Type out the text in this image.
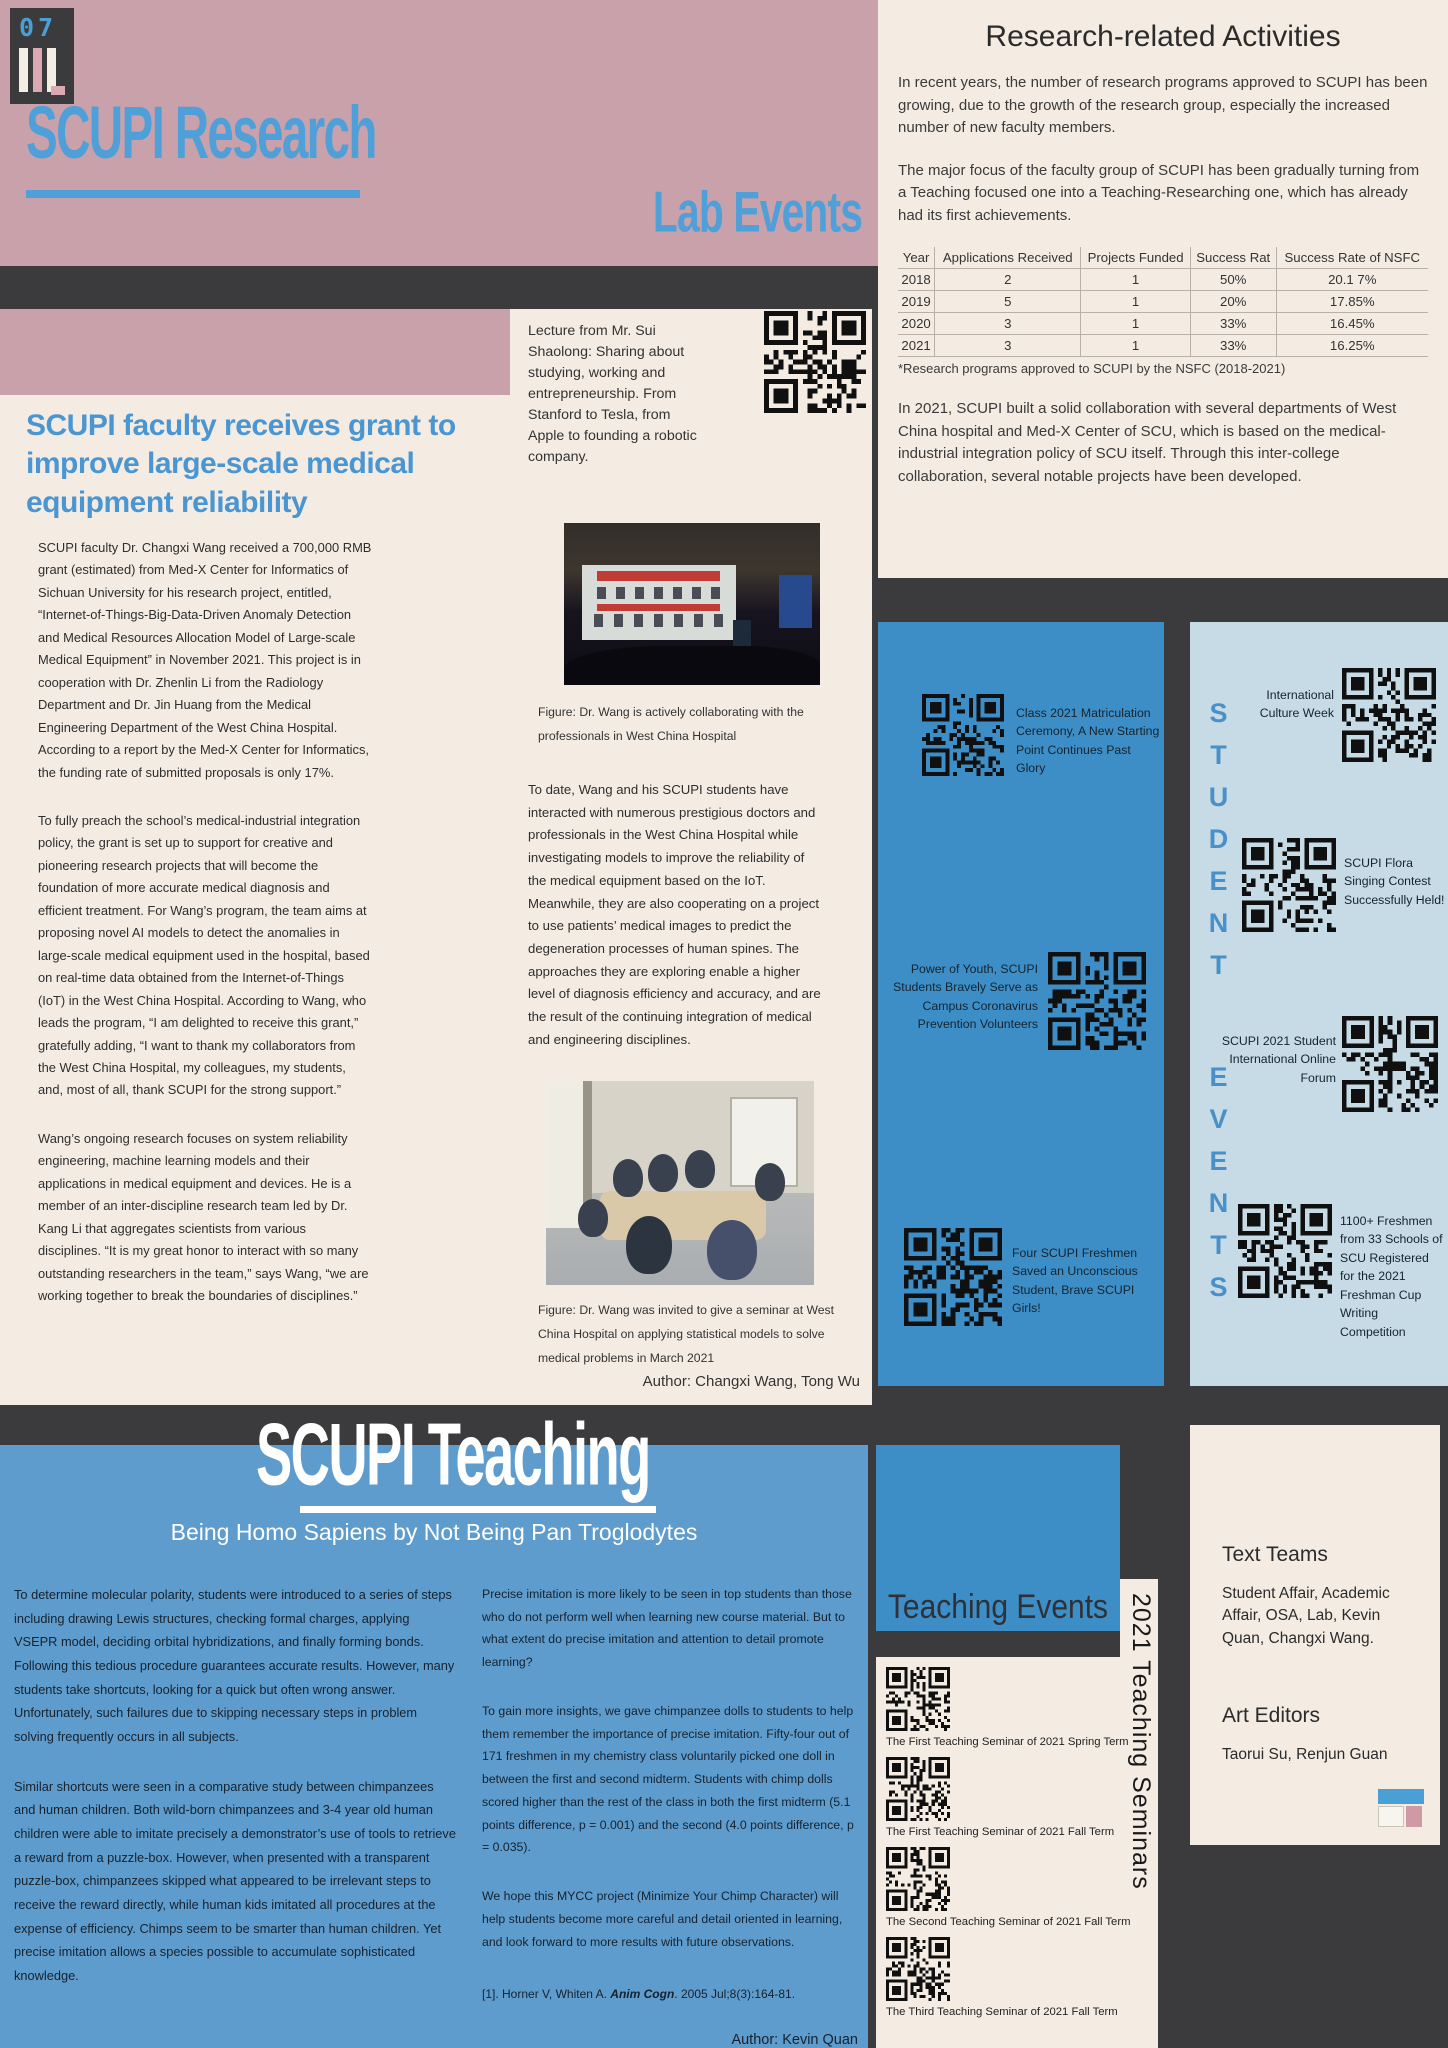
07
SCUPI Research
Lab Events
Research-related Activities

In recent years, the number of research programs approved to SCUPI has been growing, due to the growth of the research group, especially the increased number of new faculty members.

The major focus of the faculty group of SCUPI has been gradually turning from a Teaching focused one into a Teaching-Researching one, which has already had its first achievements.

Year	Applications Received	Projects Funded	Success Rat	Success Rate of NSFC
2018	2	1	50%	20.1 7%
2019	5	1	20%	17.85%
2020	3	1	33%	16.45%
2021	3	1	33%	16.25%
*Research programs approved to SCUPI by the NSFC (2018-2021)

In 2021, SCUPI built a solid collaboration with several departments of West China hospital and Med-X Center of SCU, which is based on the medical-industrial integration policy of SCU itself. Through this inter-college collaboration, several notable projects have been developed.

Lecture from Mr. Sui Shaolong: Sharing about studying, working and entrepreneurship. From Stanford to Tesla, from Apple to founding a robotic company.
SCUPI faculty receives grant to improve large-scale medical equipment reliability

SCUPI faculty Dr. Changxi Wang received a 700,000 RMB grant (estimated) from Med-X Center for Informatics of Sichuan University for his research project, entitled, “Internet-of-Things-Big-Data-Driven Anomaly Detection and Medical Resources Allocation Model of Large-scale Medical Equipment” in November 2021. This project is in cooperation with Dr. Zhenlin Li from the Radiology Department and Dr. Jin Huang from the Medical Engineering Department of the West China Hospital. According to a report by the Med-X Center for Informatics, the funding rate of submitted proposals is only 17%.

To fully preach the school’s medical-industrial integration policy, the grant is set up to support for creative and pioneering research projects that will become the foundation of more accurate medical diagnosis and efficient treatment. For Wang’s program, the team aims at proposing novel AI models to detect the anomalies in large-scale medical equipment used in the hospital, based on real-time data obtained from the Internet-of-Things (IoT) in the West China Hospital. According to Wang, who leads the program, “I am delighted to receive this grant,” gratefully adding, “I want to thank my collaborators from the West China Hospital, my colleagues, my students, and, most of all, thank SCUPI for the strong support.”

Wang’s ongoing research focuses on system reliability engineering, machine learning models and their applications in medical equipment and devices. He is a member of an inter-discipline research team led by Dr. Kang Li that aggregates scientists from various disciplines. “It is my great honor to interact with so many outstanding researchers in the team,” says Wang, “we are working together to break the boundaries of disciplines.”

Figure: Dr. Wang is actively collaborating with the professionals in West China Hospital

To date, Wang and his SCUPI students have interacted with numerous prestigious doctors and professionals in the West China Hospital while investigating models to improve the reliability of the medical equipment based on the IoT. Meanwhile, they are also cooperating on a project to use patients’ medical images to predict the degeneration processes of human spines. The approaches they are exploring enable a higher level of diagnosis efficiency and accuracy, and are the result of the continuing integration of medical and engineering disciplines.

Figure: Dr. Wang was invited to give a seminar at West China Hospital on applying statistical models to solve medical problems in March 2021
Author: Changxi Wang, Tong Wu
Class 2021 Matriculation Ceremony, A New Starting Point Continues Past Glory
Power of Youth, SCUPI Students Bravely Serve as Campus Coronavirus Prevention Volunteers
Four SCUPI Freshmen Saved an Unconscious Student, Brave SCUPI Girls!
STUDENT
EVENTS
International Culture Week
SCUPI Flora Singing Contest Successfully Held!
SCUPI 2021 Student International Online Forum
1100+ Freshmen from 33 Schools of SCU Registered for the 2021 Freshman Cup Writing Competition
Being Homo Sapiens by Not Being Pan Troglodytes

To determine molecular polarity, students were introduced to a series of steps including drawing Lewis structures, checking formal charges, applying VSEPR model, deciding orbital hybridizations, and finally forming bonds. Following this tedious procedure guarantees accurate results. However, many students take shortcuts, looking for a quick but often wrong answer. Unfortunately, such failures due to skipping necessary steps in problem solving frequently occurs in all subjects.

Similar shortcuts were seen in a comparative study between chimpanzees and human children. Both wild-born chimpanzees and 3-4 year old human children were able to imitate precisely a demonstrator’s use of tools to retrieve a reward from a puzzle-box. However, when presented with a transparent puzzle-box, chimpanzees skipped what appeared to be irrelevant steps to receive the reward directly, while human kids imitated all procedures at the expense of efficiency. Chimps seem to be smarter than human children. Yet precise imitation allows a species possible to accumulate sophisticated knowledge.

Precise imitation is more likely to be seen in top students than those who do not perform well when learning new course material. But to what extent do precise imitation and attention to detail promote learning?

To gain more insights, we gave chimpanzee dolls to students to help them remember the importance of precise imitation. Fifty-four out of 171 freshmen in my chemistry class voluntarily picked one doll in between the first and second midterm. Students with chimp dolls scored higher than the rest of the class in both the first midterm (5.1 points difference, p = 0.001) and the second (4.0 points difference, p = 0.035).

We hope this MYCC project (Minimize Your Chimp Character) will help students become more careful and detail oriented in learning, and look forward to more results with future observations.

[1]. Horner V, Whiten A. Anim Cogn. 2005 Jul;8(3):164-81.
Author: Kevin Quan
SCUPI Teaching
Teaching Events 2021 Teaching Seminars
The First Teaching Seminar of 2021 Spring Term
The First Teaching Seminar of 2021 Fall Term
The Second Teaching Seminar of 2021 Fall Term
The Third Teaching Seminar of 2021 Fall Term
Text Teams
Student Affair, Academic Affair, OSA, Lab, Kevin Quan, Changxi Wang.
Art Editors
Taorui Su, Renjun Guan
